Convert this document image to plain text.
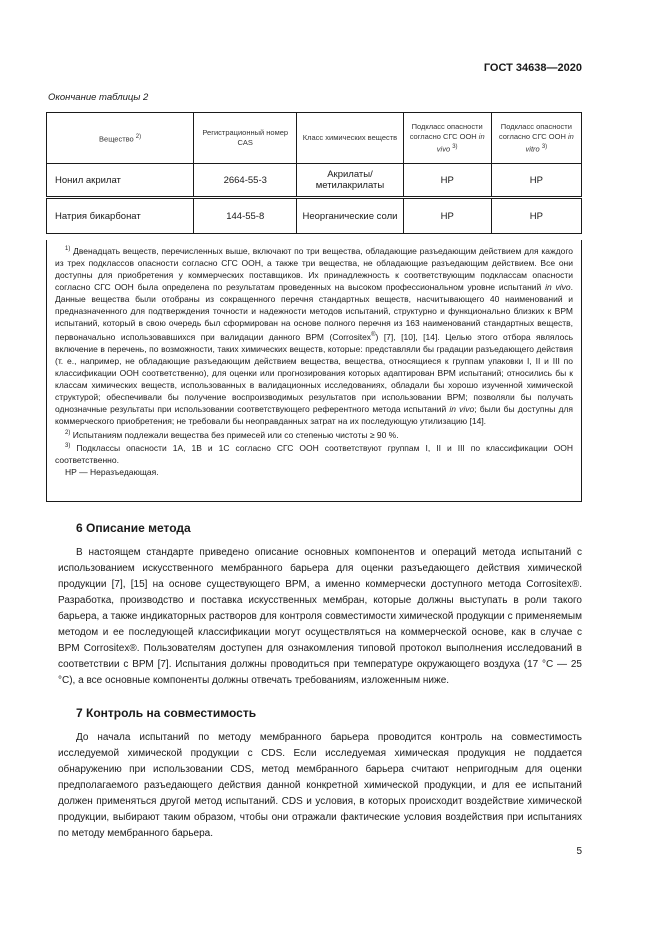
ГОСТ 34638—2020
Окончание таблицы 2
Вещество $^{2)}$	Регистрационный номер CAS	Класс химических веществ	Подкласс опасности согласно СГС ООН in vivo $^{3)}$	Подкласс опасности согласно СГС ООН in vitro $^{3)}$
Нонил акрилат	2664-55-3	Акрилаты/ метилакрилаты	НР	НР
Натрия бикарбонат	144-55-8	Неорганические соли	НР	НР

$^{1)}$ Двенадцать веществ, перечисленных выше, включают по три вещества, обладающие разъедающим действием для каждого из трех подклассов опасности согласно СГС ООН, а также три вещества, не обладающие разъедающим действием. Все они доступны для приобретения у коммерческих поставщиков. Их принадлежность к соответствующим подклассам опасности согласно СГС ООН была определена по результатам проведенных на высоком профессиональном уровне испытаний in vivo. Данные вещества были отобраны из сокращенного перечня стандартных веществ, насчитывающего 40 наименований и предназначенного для подтверждения точности и надежности методов испытаний, структурно и функционально близких к ВРМ испытаний, который в свою очередь был сформирован на основе полного перечня из 163 наименований стандартных веществ, первоначально использовавшихся при валидации данного ВРМ (Corrositex®) [7], [10], [14]. Целью этого отбора являлось включение в перечень, по возможности, таких химических веществ, которые: представляли бы градации разъедающего действия (т. е., например, не обладающие разъедающим действием вещества, вещества, относящиеся к группам упаковки I, II и III по классификации ООН соответственно), для оценки или прогнозирования которых адаптирован ВРМ испытаний; относились бы к классам химических веществ, использованных в валидационных исследованиях, обладали бы хорошо изученной химической структурой; обеспечивали бы получение воспроизводимых результатов при использовании ВРМ; позволяли бы получать однозначные результаты при использовании соответствующего референтного метода испытаний in vivo; были бы доступны для коммерческого приобретения; не требовали бы неоправданных затрат на их последующую утилизацию [14].

$^{2)}$ Испытаниям подлежали вещества без примесей или со степенью чистоты ≥ 90 %.

$^{3)}$ Подклассы опасности 1А, 1В и 1С согласно СГС ООН соответствуют группам I, II и III по классификации ООН соответственно.

НР — Неразъедающая.

6 Описание метода

В настоящем стандарте приведено описание основных компонентов и операций метода испытаний с использованием искусственного мембранного барьера для оценки разъедающего действия химической продукции [7], [15] на основе существующего ВРМ, а именно коммерчески доступного метода Corrositex®. Разработка, производство и поставка искусственных мембран, которые должны выступать в роли такого барьера, а также индикаторных растворов для контроля совместимости химической продукции с применяемым методом и ее последующей классификации могут осуществляться на коммерческой основе, как в случае с ВРМ Corrositex®. Пользователям доступен для ознакомления типовой протокол выполнения исследований в соответствии с ВРМ [7]. Испытания должны проводиться при температуре окружающего воздуха (17 °C — 25 °C), а все основные компоненты должны отвечать требованиям, изложенным ниже.

7 Контроль на совместимость

До начала испытаний по методу мембранного барьера проводится контроль на совместимость исследуемой химической продукции с CDS. Если исследуемая химическая продукция не поддается обнаружению при использовании CDS, метод мембранного барьера считают непригодным для оценки предполагаемого разъедающего действия данной конкретной химической продукции, и для ее испытаний должен применяться другой метод испытаний. CDS и условия, в которых происходит воздействие химической продукции, выбирают таким образом, чтобы они отражали фактические условия воздействия при испытаниях по методу мембранного барьера.

5
